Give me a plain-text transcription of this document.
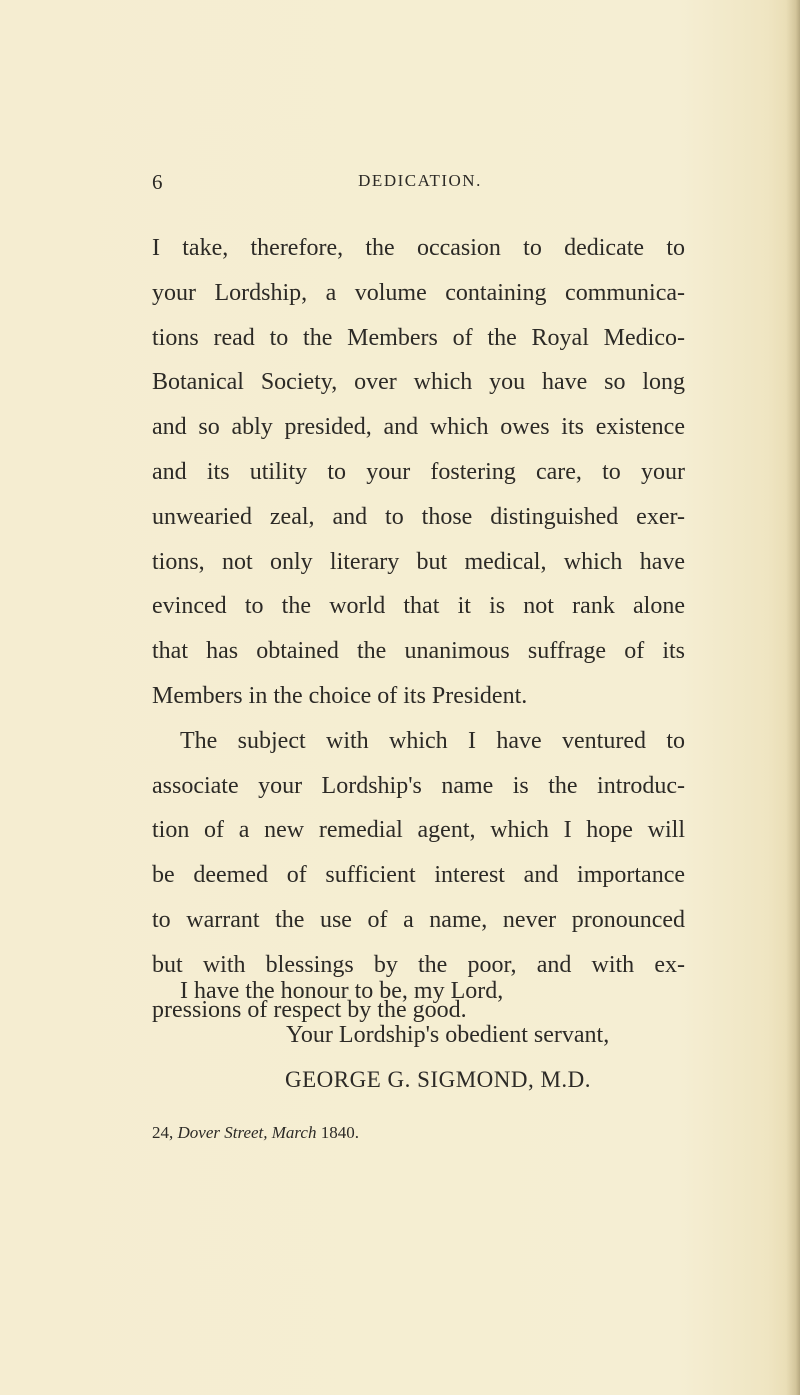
6	DEDICATION.

I take, therefore, the occasion to dedicate to
your Lordship, a volume containing communica-
tions read to the Members of the Royal Medico-
Botanical Society, over which you have so long
and so ably presided, and which owes its existence
and its utility to your fostering care, to your
unwearied zeal, and to those distinguished exer-
tions, not only literary but medical, which have
evinced to the world that it is not rank alone
that has obtained the unanimous suffrage of its
Members in the choice of its President.

The subject with which I have ventured to
associate your Lordship's name is the introduc-
tion of a new remedial agent, which I hope will
be deemed of sufficient interest and importance
to warrant the use of a name, never pronounced
but with blessings by the poor, and with ex-
pressions of respect by the good.

I have the honour to be, my Lord,
Your Lordship's obedient servant,
GEORGE G. SIGMOND, M.D.
24, Dover Street, March 1840.
